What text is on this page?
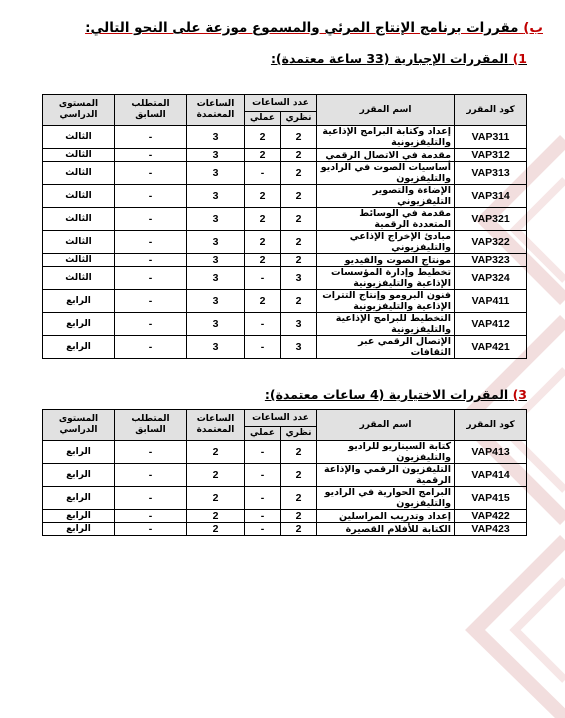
ب) مقررات برنامج الإنتاج المرئي والمسموع موزعة على النحو التالي:
1) المقررات الإجبارية (33 ساعة معتمدة):
كود المقرر	اسم المقرر	عدد الساعات		الساعات المعتمدة	المتطلب السابق	المستوى الدراسي
		نظري	عملي			
VAP311	إعداد وكتابة البرامج الإذاعية والتليفزيونية	2	2	3	-	الثالث
VAP312	مقدمة في الاتصال الرقمي	2	2	3	-	الثالث
VAP313	أساسيات الصوت في الراديو والتليفزيون	2	-	3	-	الثالث
VAP314	الإضاءة والتصوير التليفزيوني	2	2	3	-	الثالث
VAP321	مقدمة في الوسائط المتعددة الرقمية	2	2	3	-	الثالث
VAP322	مبادئ الإخراج الإذاعي والتليفزيوني	2	2	3	-	الثالث
VAP323	مونتاج الصوت والفيديو	2	2	3	-	الثالث
VAP324	تخطيط وإدارة المؤسسات الإذاعية والتليفزيونية	3	-	3	-	الثالث
VAP411	فنون البرومو وإنتاج التترات الإذاعية والتليفزيونية	2	2	3	-	الرابع
VAP412	التخطيط للبرامج الإذاعية والتليفزيونية	3	-	3	-	الرابع
VAP421	الإتصال الرقمي عبر الثقافات	3	-	3	-	الرابع
3) المقررات الاختيارية (4 ساعات معتمدة):
كود المقرر	اسم المقرر	عدد الساعات		الساعات المعتمدة	المتطلب السابق	المستوى الدراسي
		نظري	عملي			
VAP413	كتابة السيناريو للراديو والتليفزيون	2	-	2	-	الرابع
VAP414	التليفزيون الرقمي والإذاعة الرقمية	2	-	2	-	الرابع
VAP415	البرامج الحوارية في الراديو والتليفزيون	2	-	2	-	الرابع
VAP422	إعداد وتدريب المراسلين	2	-	2	-	الرابع
VAP423	الكتابة للأفلام القصيرة	2	-	2	-	الرابع
